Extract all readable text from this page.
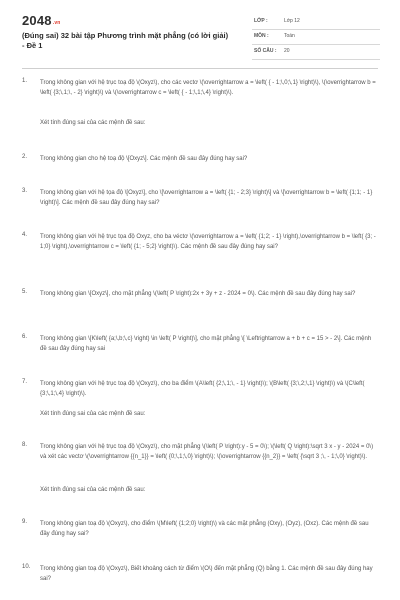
2048.vn
(Đúng sai) 32 bài tập Phương trình mặt phẳng (có lời giải) - Đề 1
LỚP :	Lớp 12
MÔN :	Toán
SỐ CÂU : 20
1. Trong không gian với hệ trục toạ độ \(Oxyz\), cho các vectơ \(\overrightarrow a = \left( { - 1;\,0;\,1} \right)\), \(\overrightarrow b = \left( {3;\,1;\, - 2} \right)\) và \(\overrightarrow c = \left( { - 1;\,1;\,4} \right)\).
Xét tính đúng sai của các mệnh đề sau:
2. Trong không gian cho hệ toạ độ \[Oxyz\]. Các mệnh đề sau đây đúng hay sai?
3. Trong không gian với hệ tọa độ \[Oxyz\], cho \[\overrightarrow a = \left( {1; - 2;3} \right)\] và \[\overrightarrow b = \left( {1;1; - 1} \right)\]. Các mệnh đề sau đây đúng hay sai?
4. Trong không gian với hệ trục tọa độ Oxyz, cho ba véctơ \(\overrightarrow a = \left( {1;2; - 1} \right),\overrightarrow b = \left( {3; - 1;0} \right),\overrightarrow c = \left( {1; - 5;2} \right)\). Các mệnh đề sau đây đúng hay sai?
5. Trong không gian \[Oxyz\], cho mặt phẳng \(\left( P \right):2x + 3y + z - 2024 = 0\). Các mệnh đề sau đây đúng hay sai?
6. Trong không gian \[K\left( {a;\,b;\,c} \right) \in \left( P \right)\], cho mặt phẳng \[ \Leftrightarrow a + b + c = 15 > - 2\]. Các mệnh đề sau đây đúng hay sai
7. Trong không gian với hệ trục toạ độ \(Oxyz\), cho ba điểm \(A\left( {2;\,1;\, - 1} \right)\); \(B\left( {3;\,2;\,1} \right)\) và \(C\left( {3;\,1;\,4} \right)\).
Xét tính đúng sai của các mệnh đề sau:
8. Trong không gian với hệ trục toạ độ \(Oxyz\), cho mặt phẳng \(\left( P \right):y - 5 = 0\); \(\left( Q \right):\sqrt 3 x - y - 2024 = 0\) và xét các vectơ \(\overrightarrow {{n_1}} = \left( {0;\,1;\,0} \right)\); \(\overrightarrow {{n_2}} = \left( {\sqrt 3 ;\, - 1;\,0} \right)\).
Xét tính đúng sai của các mệnh đề sau:
9. Trong không gian toạ độ \(Oxyz\), cho điểm \(M\left( {1;2;0} \right)\) và các mặt phẳng (Oxy), (Oyz), (Oxz). Các mệnh đề sau đây đúng hay sai?
10. Trong không gian toạ độ \(Oxyz\), Biết khoảng cách từ điểm \(O\) đến mặt phẳng (Q) bằng 1. Các mệnh đề sau đây đúng hay sai?
